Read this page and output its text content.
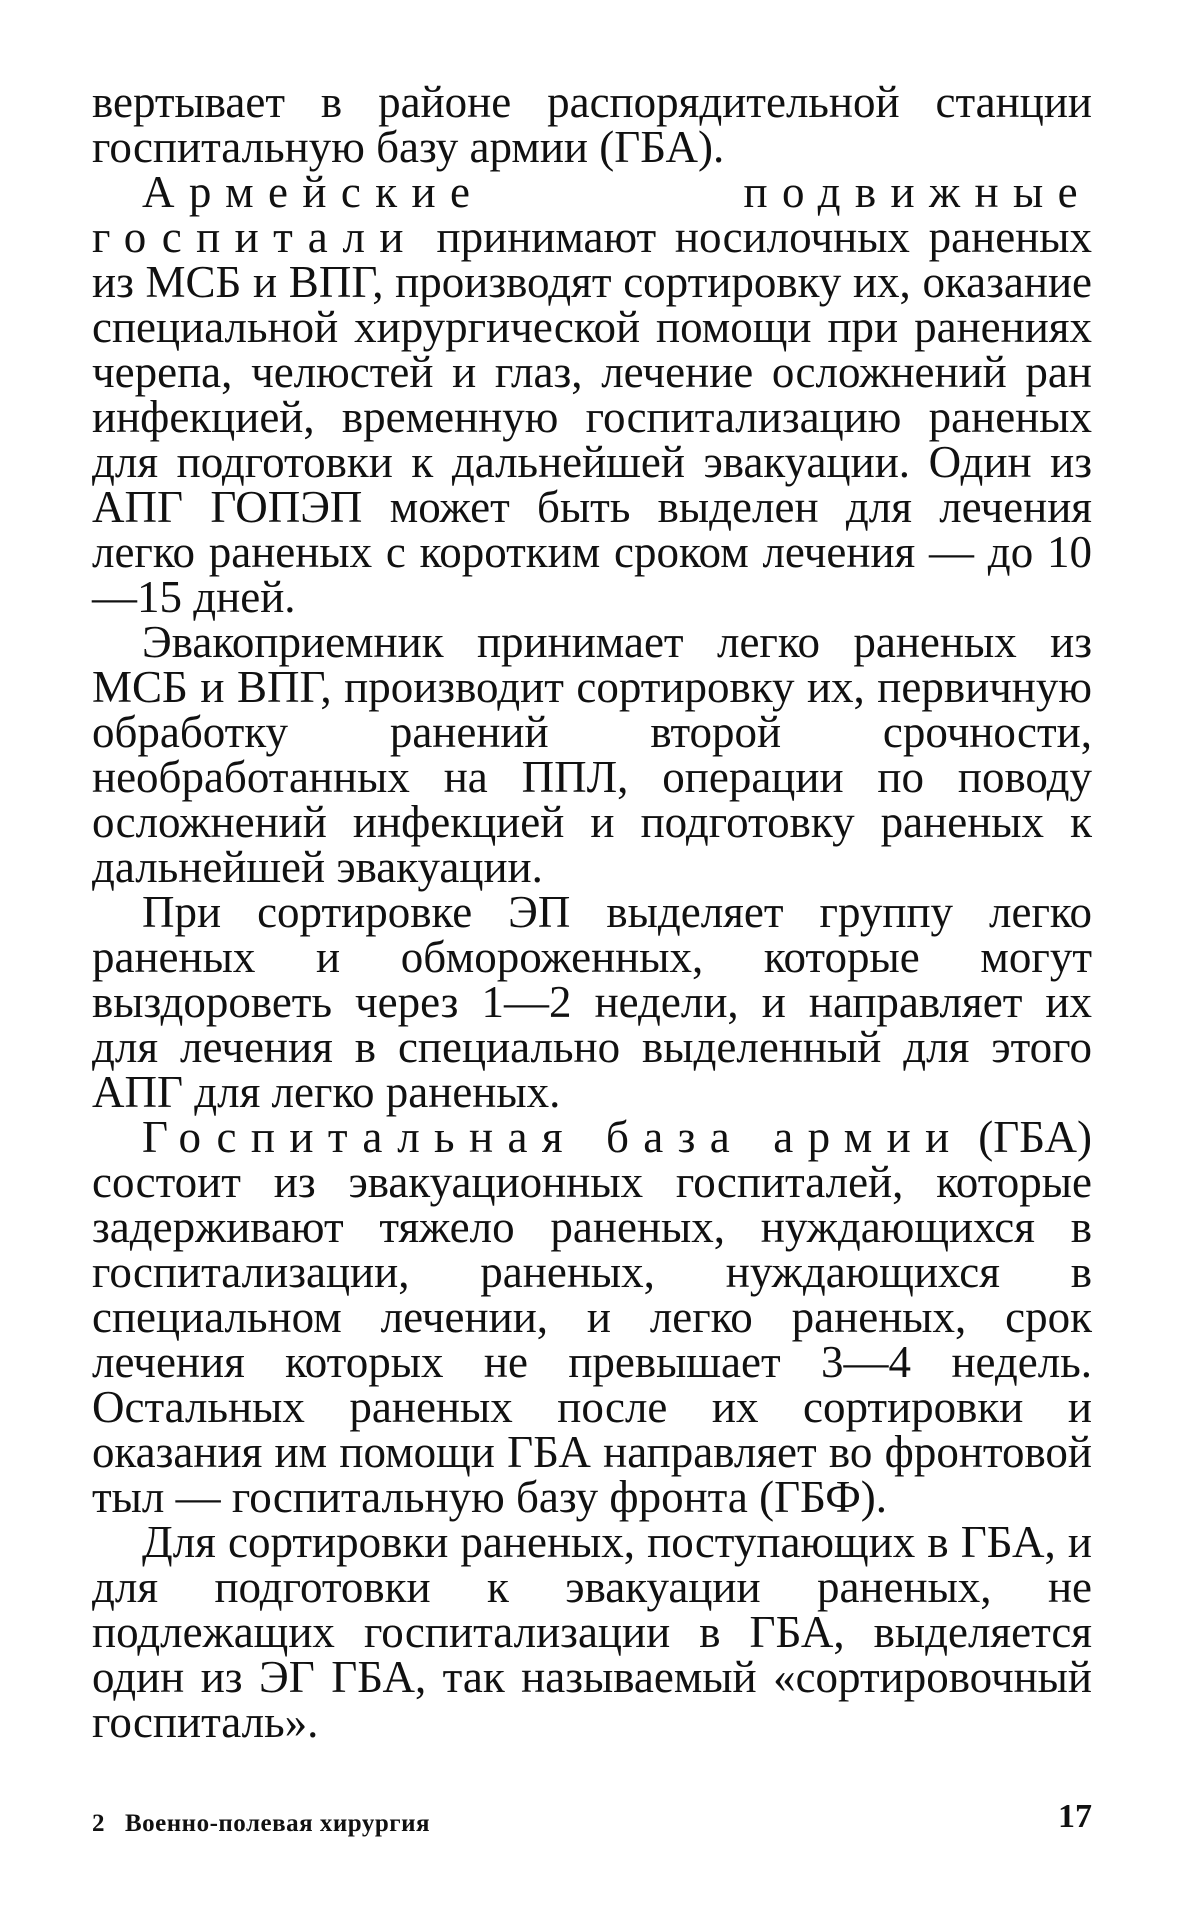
вертывает в районе распорядительной станции госпитальную базу армии (ГБА).

Армейские подвижные госпитали принимают носилочных раненых из МСБ и ВПГ, производят сортировку их, оказание специальной хирургической помощи при ранениях черепа, челюстей и глаз, лечение осложнений ран инфекцией, временную госпитализацию раненых для подготовки к дальнейшей эвакуации. Один из АПГ ГОПЭП может быть выделен для лечения легко раненых с коротким сроком лечения — до 10—15 дней.

Эвакоприемник принимает легко раненых из МСБ и ВПГ, производит сортировку их, первичную обработку ранений второй срочности, необработанных на ППЛ, операции по поводу осложнений инфекцией и подготовку раненых к дальнейшей эвакуации.

При сортировке ЭП выделяет группу легко раненых и обмороженных, которые могут выздороветь через 1—2 недели, и направляет их для лечения в специально выделенный для этого АПГ для легко раненых.

Госпитальная база армии (ГБА) состоит из эвакуационных госпиталей, которые задерживают тяжело раненых, нуждающихся в госпитализации, раненых, нуждающихся в специальном лечении, и легко раненых, срок лечения которых не превышает 3—4 недель. Остальных раненых после их сортировки и оказания им помощи ГБА направляет во фронтовой тыл — госпитальную базу фронта (ГБФ).

Для сортировки раненых, поступающих в ГБА, и для подготовки к эвакуации раненых, не подлежащих госпитализации в ГБА, выделяется один из ЭГ ГБА, так называемый «сортировочный госпиталь».

2 Военно-полевая хирургия	17
